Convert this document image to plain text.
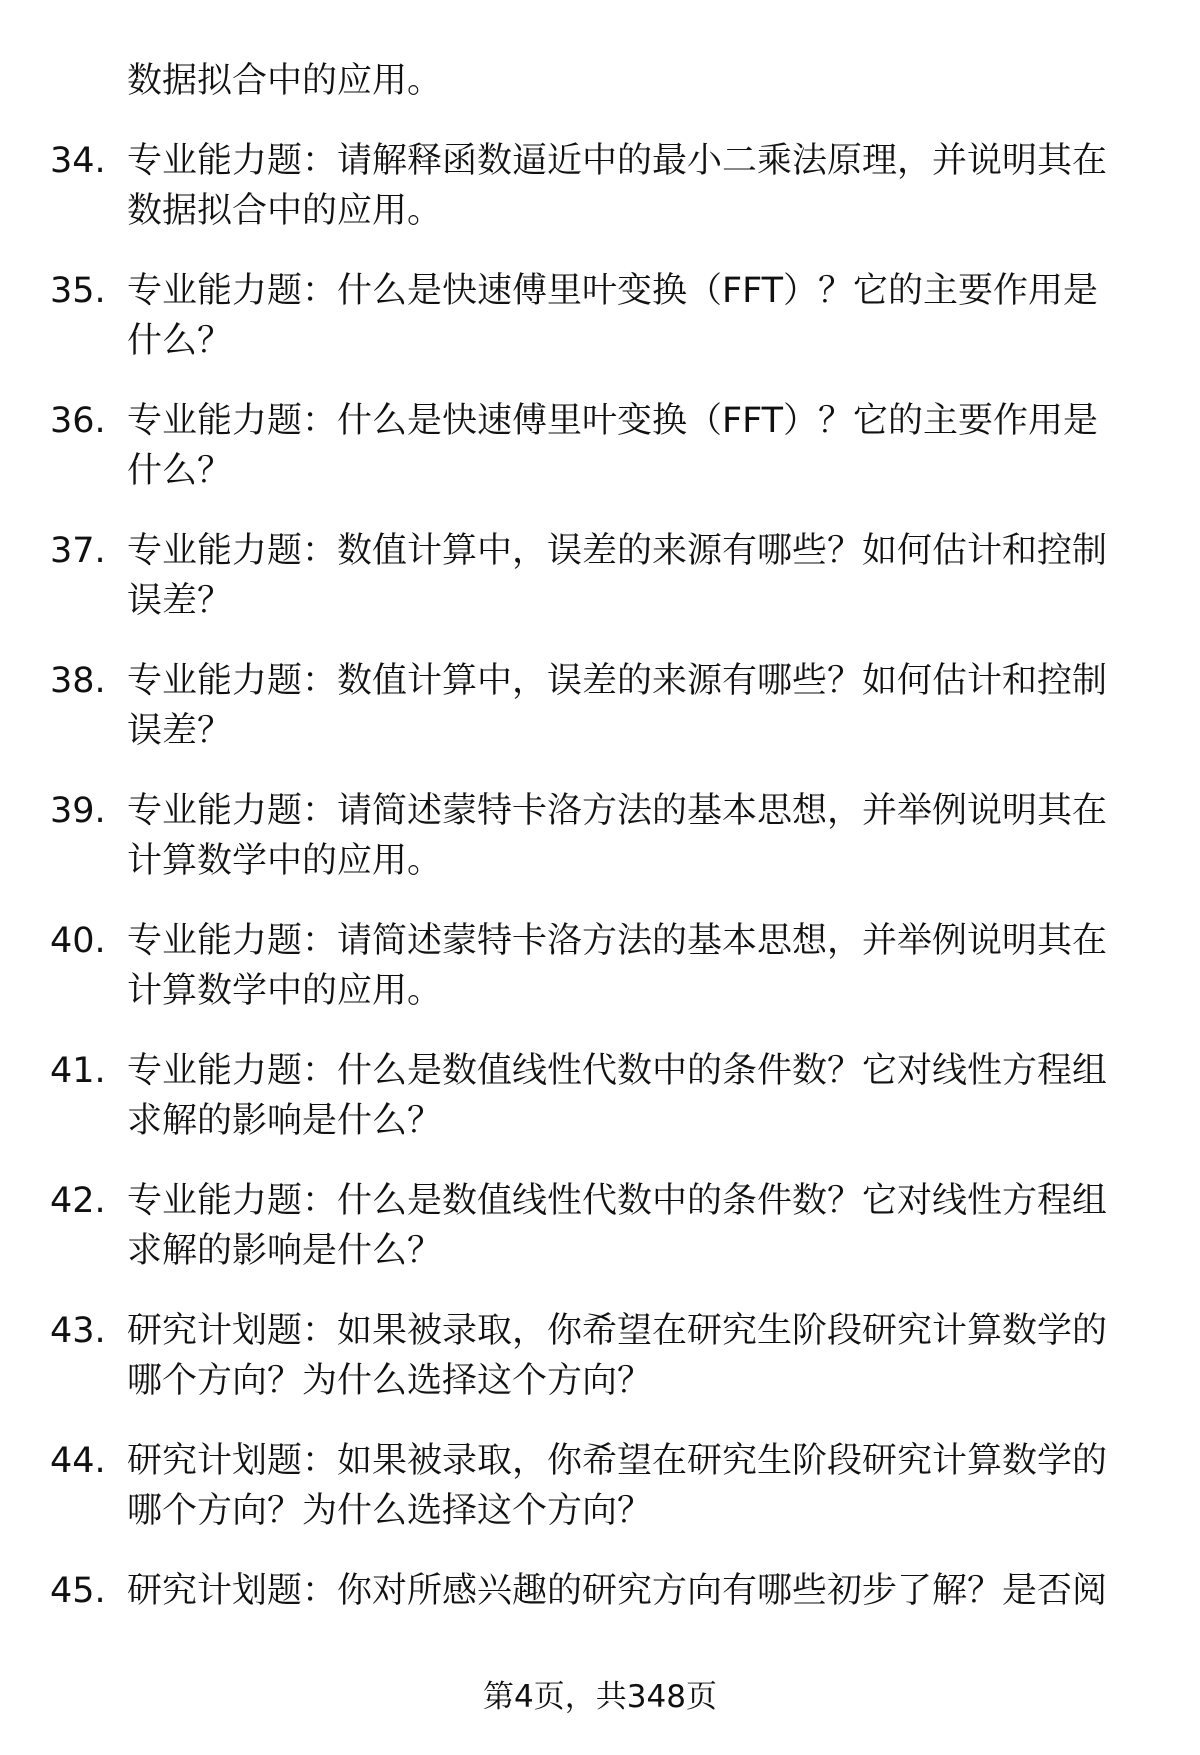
数据拟合中的应用。

34. 专业能力题：请解释函数逼近中的最小二乘法原理，并说明其在数据拟合中的应用。
35. 专业能力题：什么是快速傅里叶变换（FFT）？它的主要作用是什么？
36. 专业能力题：什么是快速傅里叶变换（FFT）？它的主要作用是什么？
37. 专业能力题：数值计算中，误差的来源有哪些？如何估计和控制误差？
38. 专业能力题：数值计算中，误差的来源有哪些？如何估计和控制误差？
39. 专业能力题：请简述蒙特卡洛方法的基本思想，并举例说明其在计算数学中的应用。
40. 专业能力题：请简述蒙特卡洛方法的基本思想，并举例说明其在计算数学中的应用。
41. 专业能力题：什么是数值线性代数中的条件数？它对线性方程组求解的影响是什么？
42. 专业能力题：什么是数值线性代数中的条件数？它对线性方程组求解的影响是什么？
43. 研究计划题：如果被录取，你希望在研究生阶段研究计算数学的哪个方向？为什么选择这个方向？
44. 研究计划题：如果被录取，你希望在研究生阶段研究计算数学的哪个方向？为什么选择这个方向？
45. 研究计划题：你对所感兴趣的研究方向有哪些初步了解？是否阅
第4页，共348页
